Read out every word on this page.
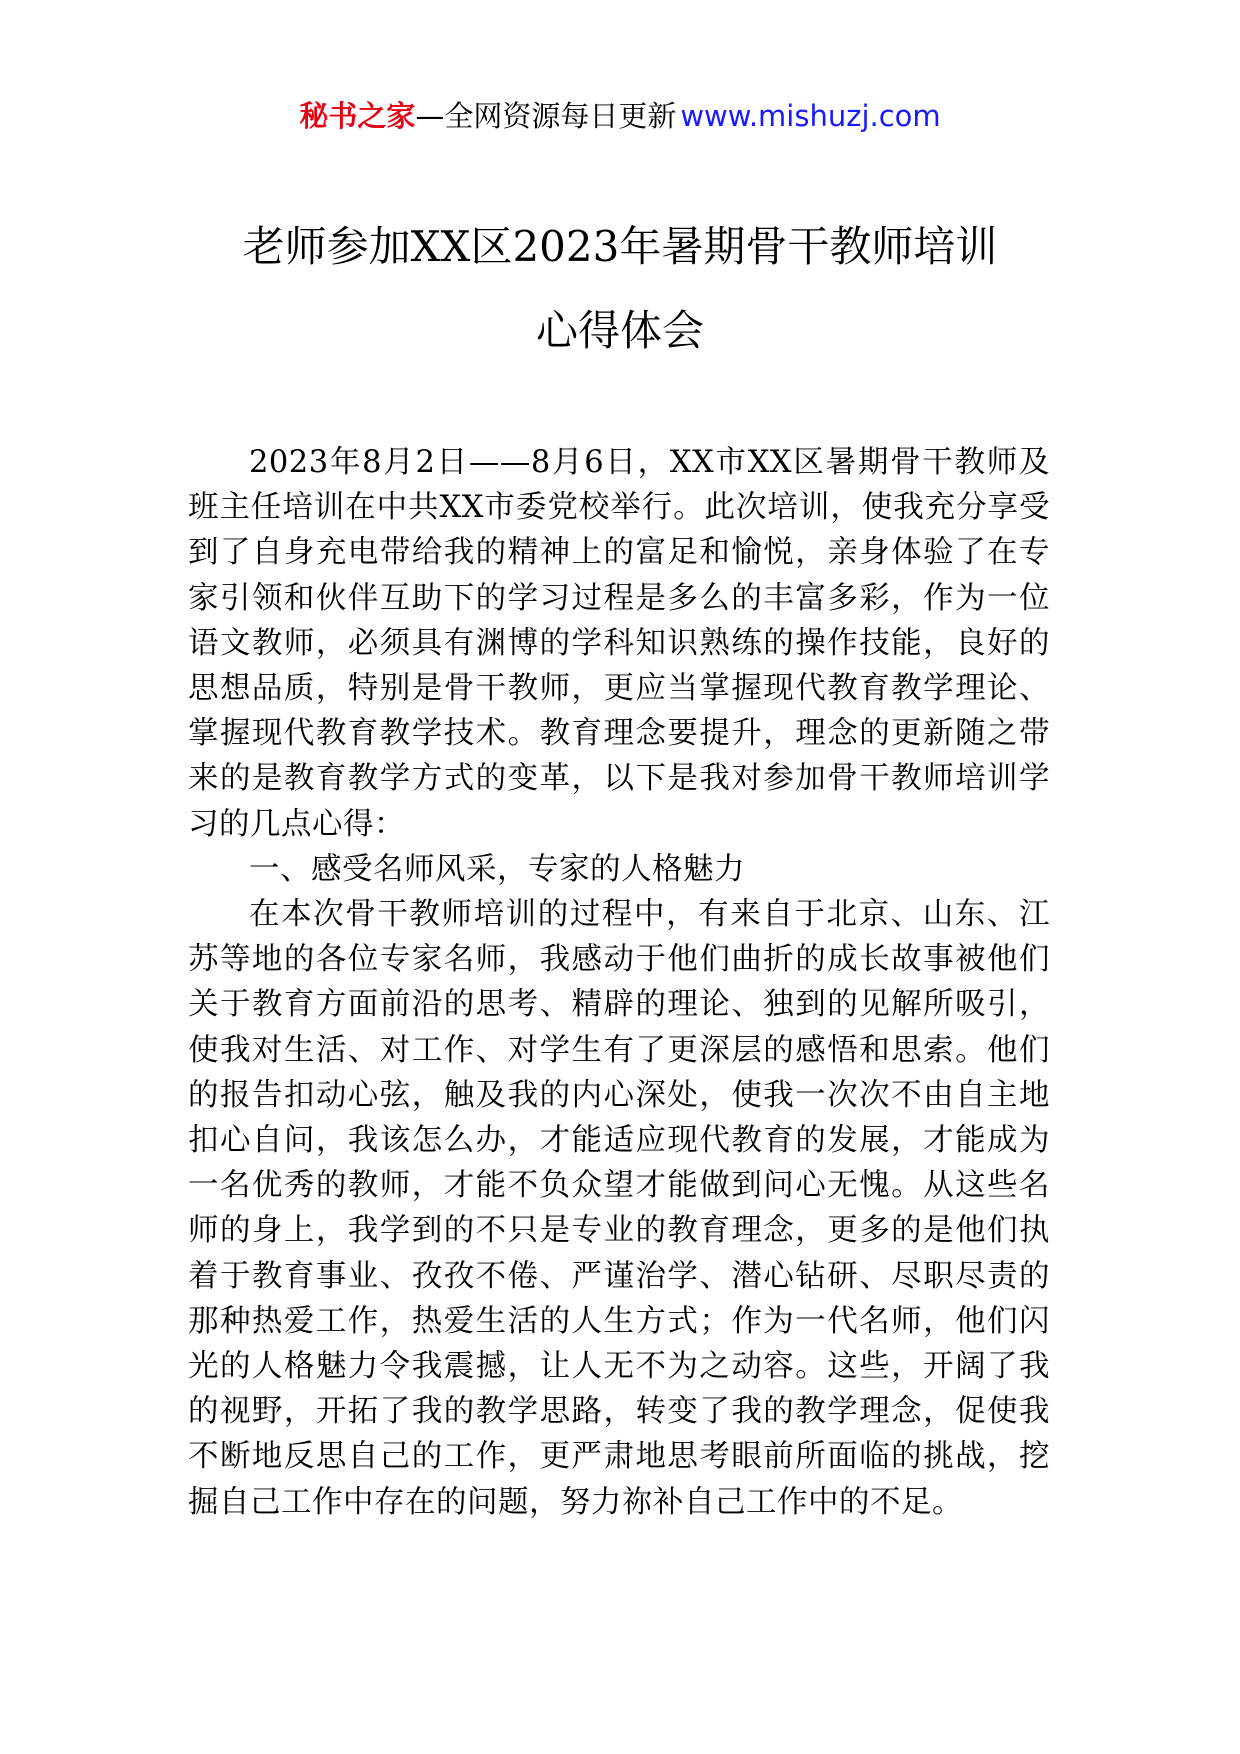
秘书之家—全网资源每日更新 www.mishuzj.com
老师参加XX区2023年暑期骨干教师培训
心得体会

2023年8月2日——8月6日，XX市XX区暑期骨干教师及班主任培训在中共XX市委党校举行。此次培训，使我充分享受到了自身充电带给我的精神上的富足和愉悦，亲身体验了在专家引领和伙伴互助下的学习过程是多么的丰富多彩，作为一位语文教师，必须具有渊博的学科知识熟练的操作技能，良好的思想品质，特别是骨干教师，更应当掌握现代教育教学理论、掌握现代教育教学技术。教育理念要提升，理念的更新随之带来的是教育教学方式的变革，以下是我对参加骨干教师培训学习的几点心得：

一、感受名师风采，专家的人格魅力

在本次骨干教师培训的过程中，有来自于北京、山东、江苏等地的各位专家名师，我感动于他们曲折的成长故事被他们关于教育方面前沿的思考、精辟的理论、独到的见解所吸引，使我对生活、对工作、对学生有了更深层的感悟和思索。他们的报告扣动心弦，触及我的内心深处，使我一次次不由自主地扣心自问，我该怎么办，才能适应现代教育的发展，才能成为一名优秀的教师，才能不负众望才能做到问心无愧。从这些名师的身上，我学到的不只是专业的教育理念，更多的是他们执着于教育事业、孜孜不倦、严谨治学、潜心钻研、尽职尽责的那种热爱工作，热爱生活的人生方式；作为一代名师，他们闪光的人格魅力令我震撼，让人无不为之动容。这些，开阔了我的视野，开拓了我的教学思路，转变了我的教学理念，促使我不断地反思自己的工作，更严肃地思考眼前所面临的挑战，挖掘自己工作中存在的问题，努力祢补自己工作中的不足。
